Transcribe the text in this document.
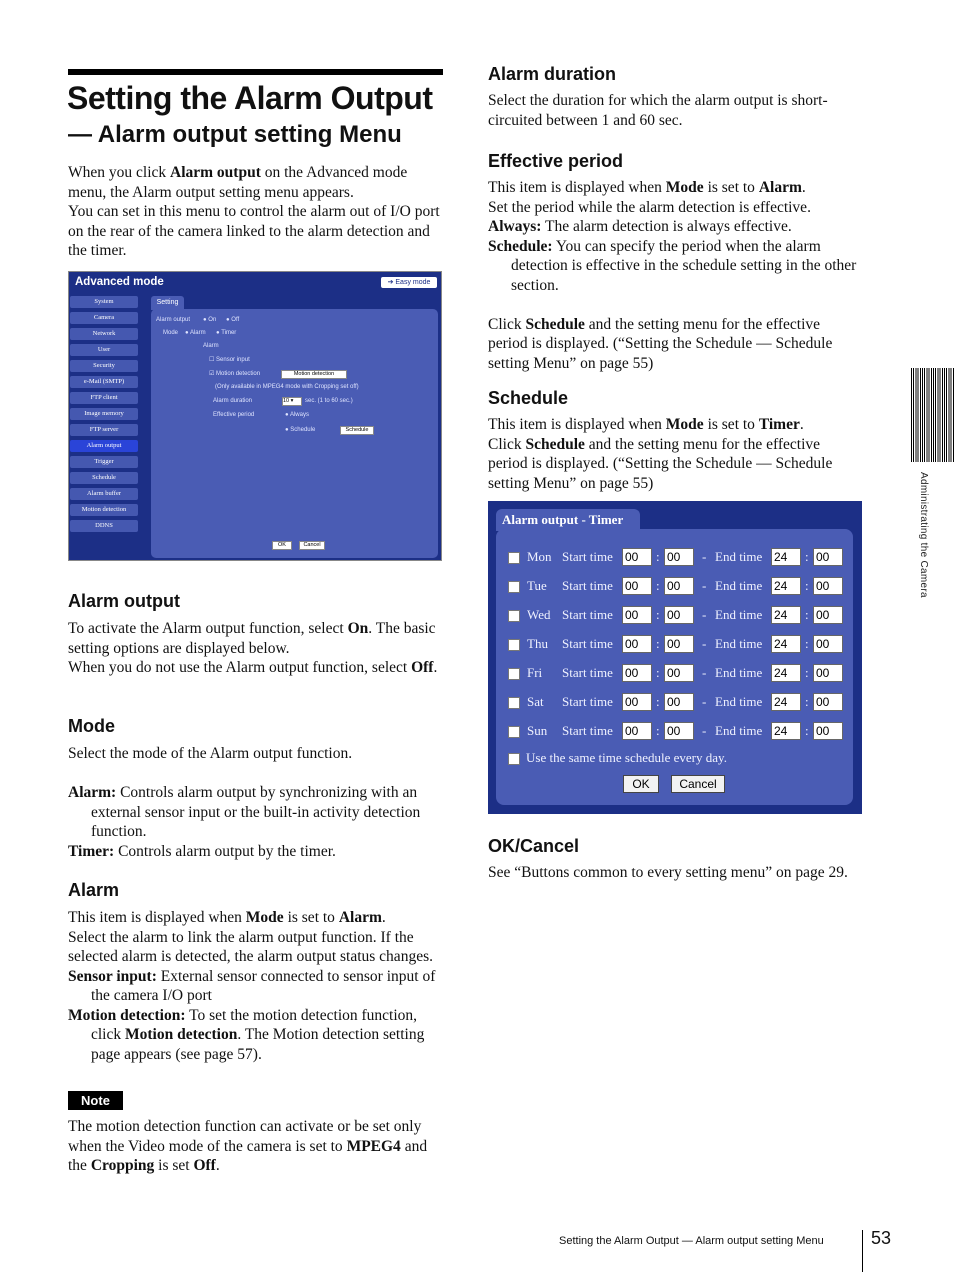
Setting the Alarm Output
— Alarm output setting Menu

When you click Alarm output on the Advanced mode menu, the Alarm output setting menu appears.

You can set in this menu to control the alarm out of I/O port on the rear of the camera linked to the alarm detection and the timer.

Advanced mode	➔ Easy mode
System
Camera
Network
User
Security
e-Mail (SMTP)
FTP client
Image memory
FTP server
Alarm output
Trigger
Schedule
Alarm buffer
Motion detection
DDNS
Setting
Alarm output ● On ● Off
Mode ● Alarm ● Timer
Alarm
☐ Sensor input
☑ Motion detection	Motion detection
(Only available in MPEG4 mode with Cropping set off)
Alarm duration	10 ▾	sec. (1 to 60 sec.)
Effective period	● Always
● Schedule	Schedule
OK	Cancel
Alarm output

To activate the Alarm output function, select On. The basic setting options are displayed below.

When you do not use the Alarm output function, select Off.

Mode

Select the mode of the Alarm output function.

Alarm: Controls alarm output by synchronizing with an external sensor input or the built-in activity detection function.

Timer: Controls alarm output by the timer.

Alarm

This item is displayed when Mode is set to Alarm.

Select the alarm to link the alarm output function. If the selected alarm is detected, the alarm output status changes.

Sensor input: External sensor connected to sensor input of the camera I/O port

Motion detection: To set the motion detection function, click Motion detection. The Motion detection setting page appears (see page 57).

Note

The motion detection function can activate or be set only when the Video mode of the camera is set to MPEG4 and the Cropping is set Off.

Alarm duration

Select the duration for which the alarm output is short-circuited between 1 and 60 sec.

Effective period

This item is displayed when Mode is set to Alarm.

Set the period while the alarm detection is effective.

Always: The alarm detection is always effective.

Schedule: You can specify the period when the alarm detection is effective in the schedule setting in the other section.

Click Schedule and the setting menu for the effective period is displayed. (“Setting the Schedule — Schedule setting Menu” on page 55)

Schedule

This item is displayed when Mode is set to Timer.

Click Schedule and the setting menu for the effective period is displayed. (“Setting the Schedule — Schedule setting Menu” on page 55)

Alarm output - Timer
Mon Start time 00	: 00	- End time 24	: 00
Tue Start time 00	: 00	- End time 24	: 00
Wed Start time 00	: 00	- End time 24	: 00
Thu Start time 00	: 00	- End time 24	: 00
Fri Start time 00	: 00	- End time 24	: 00
Sat Start time 00	: 00	- End time 24	: 00
Sun Start time 00	: 00	- End time 24	: 00
Use the same time schedule every day.
OK	Cancel
OK/Cancel

See “Buttons common to every setting menu” on page 29.

Administrating the Camera
Setting the Alarm Output — Alarm output setting Menu	53
